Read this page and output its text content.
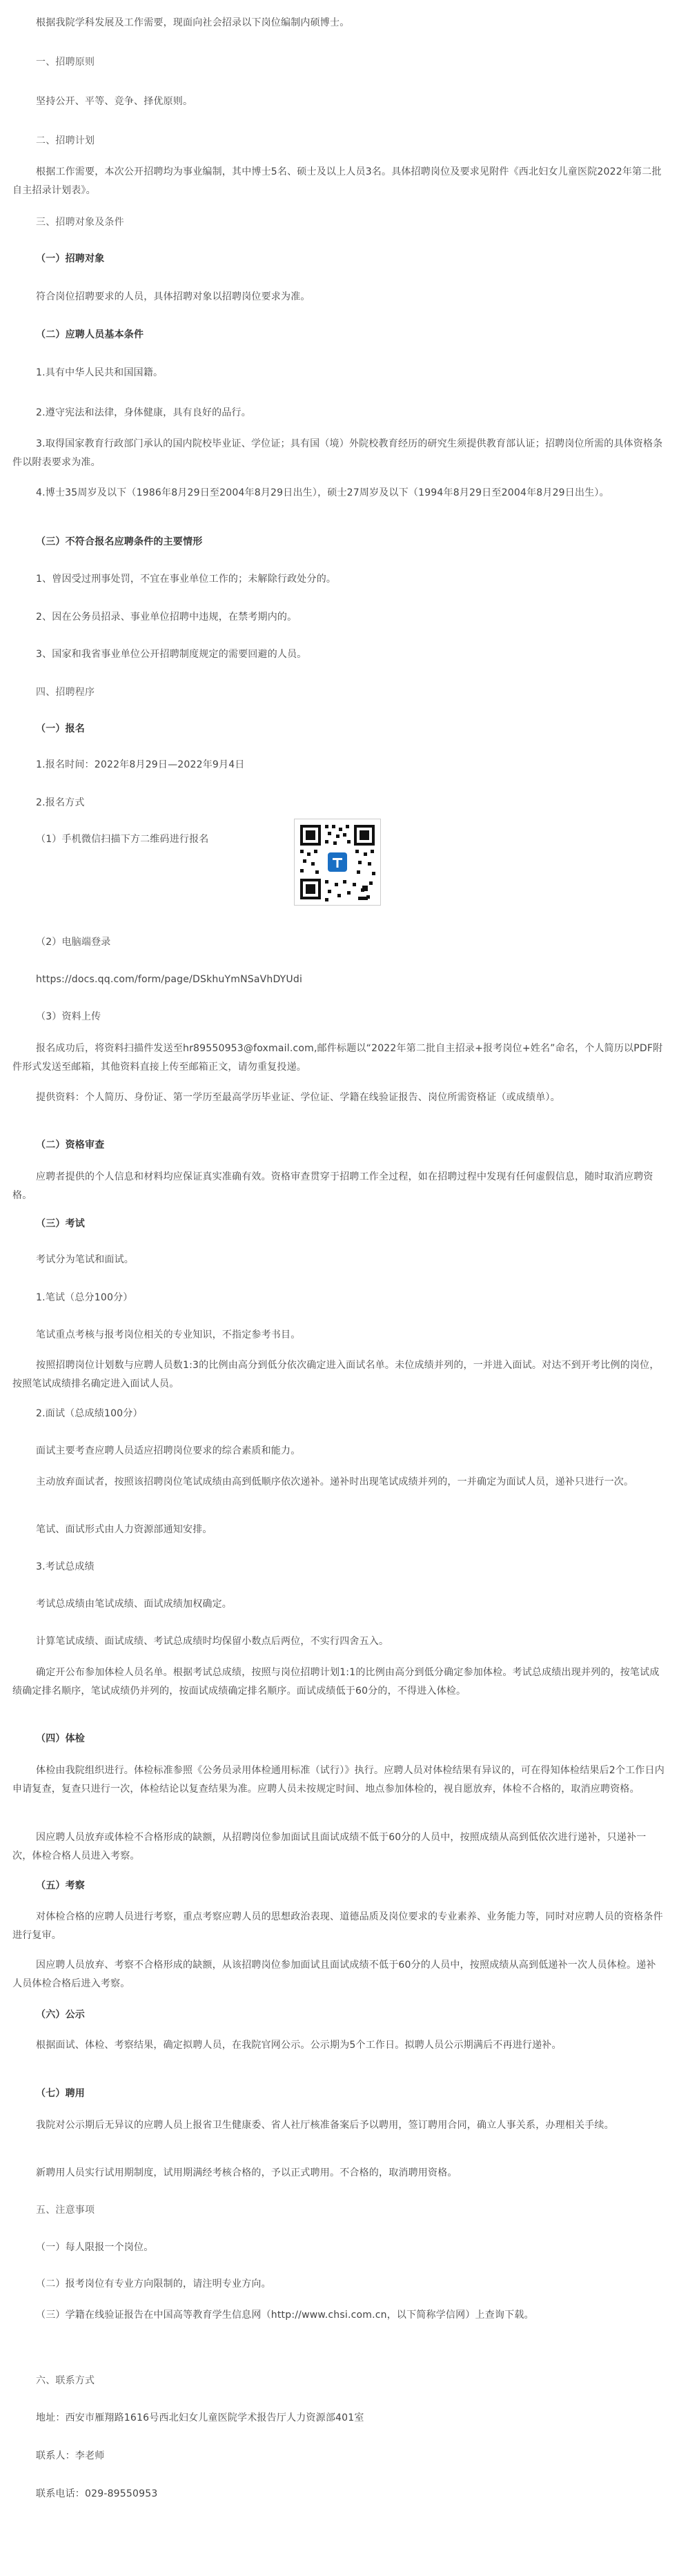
根据我院学科发展及工作需要，现面向社会招录以下岗位编制内硕博士。
一、招聘原则
坚持公开、平等、竞争、择优原则。
二、招聘计划
根据工作需要，本次公开招聘均为事业编制，其中博士5名、硕士及以上人员3名。具体招聘岗位及要求见附件《西北妇女儿童医院2022年第二批自主招录计划表》。
三、招聘对象及条件
（一）招聘对象
符合岗位招聘要求的人员，具体招聘对象以招聘岗位要求为准。
（二）应聘人员基本条件
1.具有中华人民共和国国籍。
2.遵守宪法和法律，身体健康，具有良好的品行。
3.取得国家教育行政部门承认的国内院校毕业证、学位证；具有国（境）外院校教育经历的研究生须提供教育部认证；招聘岗位所需的具体资格条件以附表要求为准。
4.博士35周岁及以下（1986年8月29日至2004年8月29日出生），硕士27周岁及以下（1994年8月29日至2004年8月29日出生）。
（三）不符合报名应聘条件的主要情形
1、曾因受过刑事处罚，不宜在事业单位工作的；未解除行政处分的。
2、因在公务员招录、事业单位招聘中违规，在禁考期内的。
3、国家和我省事业单位公开招聘制度规定的需要回避的人员。
四、招聘程序
（一）报名
1.报名时间：2022年8月29日—2022年9月4日
2.报名方式
（1）手机微信扫描下方二维码进行报名
（2）电脑端登录
https://docs.qq.com/form/page/DSkhuYmNSaVhDYUdi
（3）资料上传
报名成功后，将资料扫描件发送至hr89550953@foxmail.com,邮件标题以“2022年第二批自主招录+报考岗位+姓名”命名，个人简历以PDF附件形式发送至邮箱，其他资料直接上传至邮箱正文，请勿重复投递。
提供资料：个人简历、身份证、第一学历至最高学历毕业证、学位证、学籍在线验证报告、岗位所需资格证（或成绩单）。
（二）资格审查
应聘者提供的个人信息和材料均应保证真实准确有效。资格审查贯穿于招聘工作全过程，如在招聘过程中发现有任何虚假信息，随时取消应聘资格。
（三）考试
考试分为笔试和面试。
1.笔试（总分100分）
笔试重点考核与报考岗位相关的专业知识，不指定参考书目。
按照招聘岗位计划数与应聘人员数1:3的比例由高分到低分依次确定进入面试名单。未位成绩并列的，一并进入面试。对达不到开考比例的岗位，按照笔试成绩排名确定进入面试人员。
2.面试（总成绩100分）
面试主要考查应聘人员适应招聘岗位要求的综合素质和能力。
主动放弃面试者，按照该招聘岗位笔试成绩由高到低顺序依次递补。递补时出现笔试成绩并列的，一并确定为面试人员，递补只进行一次。
笔试、面试形式由人力资源部通知安排。
3.考试总成绩
考试总成绩由笔试成绩、面试成绩加权确定。
计算笔试成绩、面试成绩、考试总成绩时均保留小数点后两位，不实行四舍五入。
确定开公布参加体检人员名单。根据考试总成绩，按照与岗位招聘计划1:1的比例由高分到低分确定参加体检。考试总成绩出现并列的，按笔试成绩确定排名顺序，笔试成绩仍并列的，按面试成绩确定排名顺序。面试成绩低于60分的，不得进入体检。
（四）体检
体检由我院组织进行。体检标准参照《公务员录用体检通用标准（试行）》执行。应聘人员对体检结果有异议的，可在得知体检结果后2个工作日内申请复查，复查只进行一次，体检结论以复查结果为准。应聘人员未按规定时间、地点参加体检的，视自愿放弃，体检不合格的，取消应聘资格。
因应聘人员放弃或体检不合格形成的缺额，从招聘岗位参加面试且面试成绩不低于60分的人员中，按照成绩从高到低依次进行递补，只递补一次，体检合格人员进入考察。
（五）考察
对体检合格的应聘人员进行考察，重点考察应聘人员的思想政治表现、道德品质及岗位要求的专业素养、业务能力等，同时对应聘人员的资格条件进行复审。
因应聘人员放弃、考察不合格形成的缺额，从该招聘岗位参加面试且面试成绩不低于60分的人员中，按照成绩从高到低递补一次人员体检。递补人员体检合格后进入考察。
（六）公示
根据面试、体检、考察结果，确定拟聘人员，在我院官网公示。公示期为5个工作日。拟聘人员公示期满后不再进行递补。
（七）聘用
我院对公示期后无异议的应聘人员上报省卫生健康委、省人社厅核准备案后予以聘用，签订聘用合同，确立人事关系，办理相关手续。
新聘用人员实行试用期制度，试用期满经考核合格的，予以正式聘用。不合格的，取消聘用资格。
五、注意事项
（一）每人限报一个岗位。
（二）报考岗位有专业方向限制的，请注明专业方向。
（三）学籍在线验证报告在中国高等教育学生信息网（http://www.chsi.com.cn，以下简称学信网）上查询下载。
六、联系方式
地址：西安市雁翔路1616号西北妇女儿童医院学术报告厅人力资源部401室
联系人：李老师
联系电话：029-89550953
